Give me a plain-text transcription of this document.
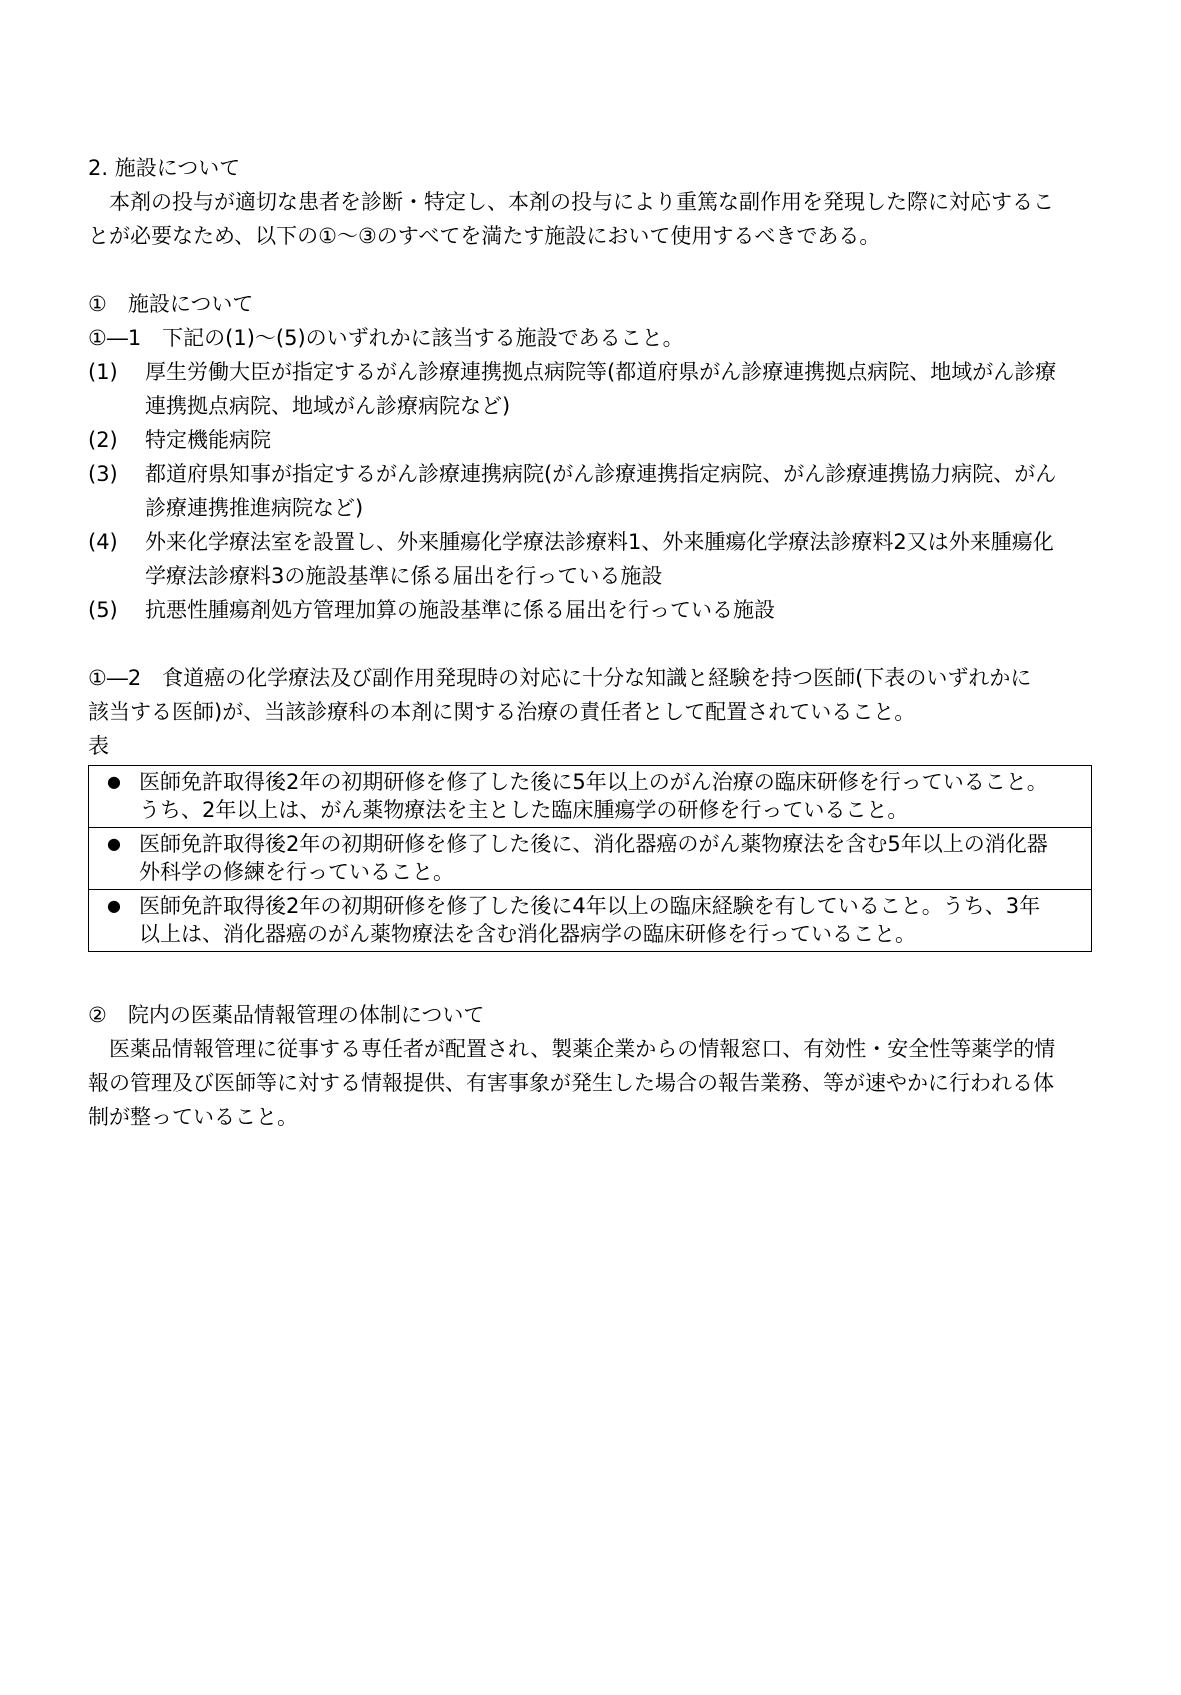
2. 施設について
　本剤の投与が適切な患者を診断・特定し、本剤の投与により重篤な副作用を発現した際に対応するこ
とが必要なため、以下の①～③のすべてを満たす施設において使用するべきである。
①　施設について
①―1　下記の(1)～(5)のいずれかに該当する施設であること。
(1)	厚生労働大臣が指定するがん診療連携拠点病院等(都道府県がん診療連携拠点病院、地域がん診療
連携拠点病院、地域がん診療病院など)
(2)	特定機能病院
(3)	都道府県知事が指定するがん診療連携病院(がん診療連携指定病院、がん診療連携協力病院、がん
診療連携推進病院など)
(4)	外来化学療法室を設置し、外来腫瘍化学療法診療料1、外来腫瘍化学療法診療料2又は外来腫瘍化
学療法診療料3の施設基準に係る届出を行っている施設
(5)	抗悪性腫瘍剤処方管理加算の施設基準に係る届出を行っている施設
①―2　食道癌の化学療法及び副作用発現時の対応に十分な知識と経験を持つ医師(下表のいずれかに
該当する医師)が、当該診療科の本剤に関する治療の責任者として配置されていること。
表
●	医師免許取得後2年の初期研修を修了した後に5年以上のがん治療の臨床研修を行っていること。
うち、2年以上は、がん薬物療法を主とした臨床腫瘍学の研修を行っていること。

●	医師免許取得後2年の初期研修を修了した後に、消化器癌のがん薬物療法を含む5年以上の消化器
外科学の修練を行っていること。

●	医師免許取得後2年の初期研修を修了した後に4年以上の臨床経験を有していること。うち、3年
以上は、消化器癌のがん薬物療法を含む消化器病学の臨床研修を行っていること。
②　院内の医薬品情報管理の体制について
　医薬品情報管理に従事する専任者が配置され、製薬企業からの情報窓口、有効性・安全性等薬学的情
報の管理及び医師等に対する情報提供、有害事象が発生した場合の報告業務、等が速やかに行われる体
制が整っていること。
